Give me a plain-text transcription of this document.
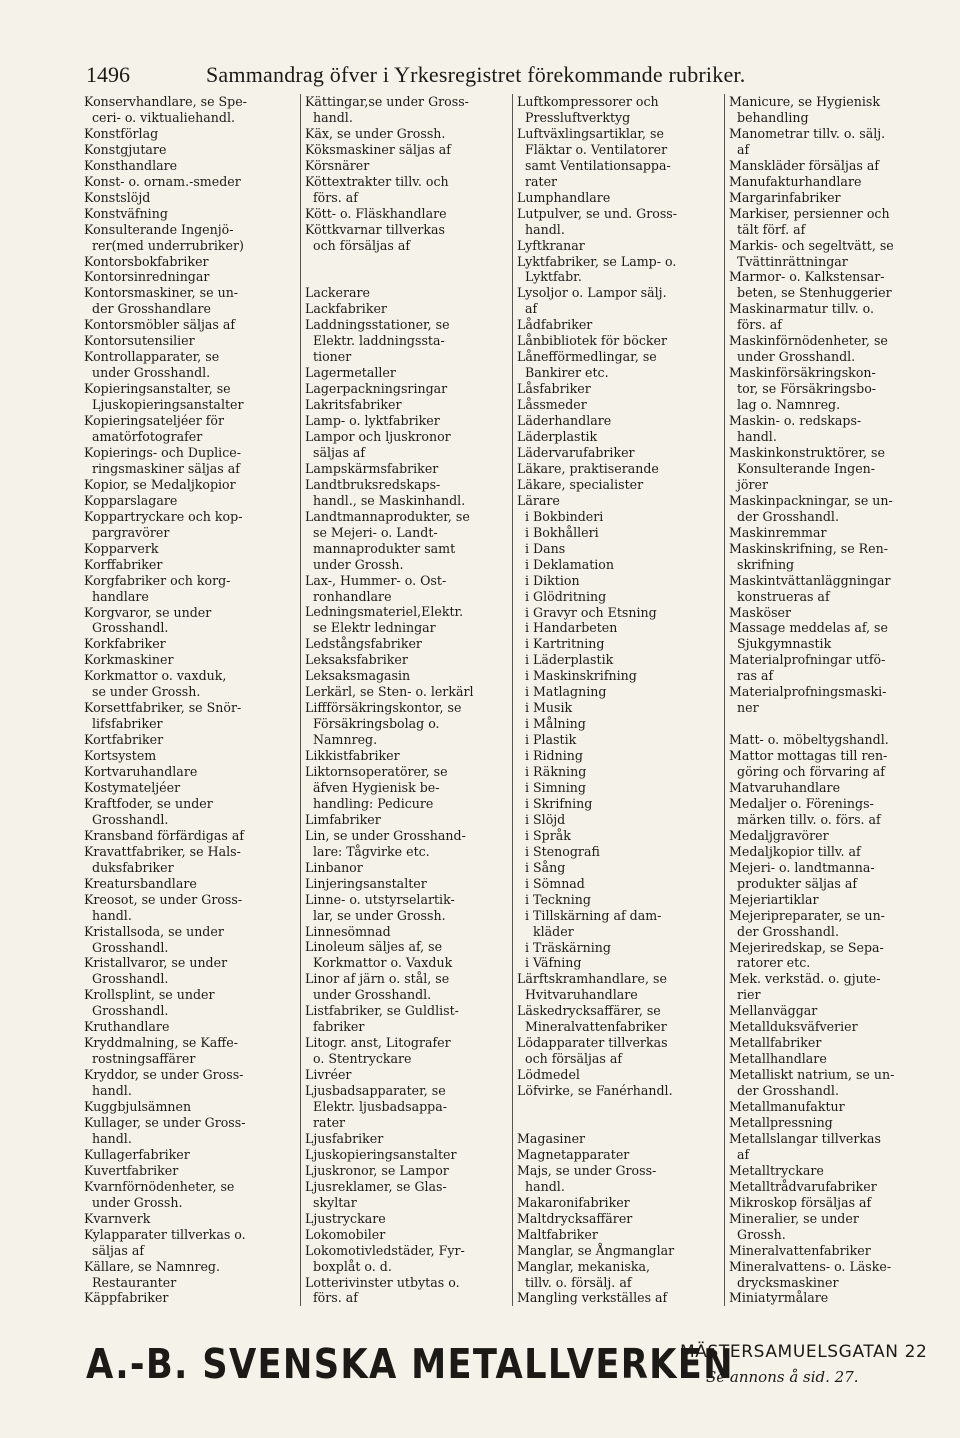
1496	Sammandrag öfver i Yrkesregistret förekommande rubriker.
Konservhandlare, se Spe-
ceri- o. viktualiehandl.
Konstförlag
Konstgjutare
Konsthandlare
Konst- o. ornam.-smeder
Konstslöjd
Konstväfning
Konsulterande Ingenjö-
rer(med underrubriker)
Kontorsbokfabriker
Kontorsinredningar
Kontorsmaskiner, se un-
der Grosshandlare
Kontorsmöbler säljas af
Kontorsutensilier
Kontrollapparater, se
under Grosshandl.
Kopieringsanstalter, se
Ljuskopieringsanstalter
Kopieringsateljéer för
amatörfotografer
Kopierings- och Duplice-
ringsmaskiner säljas af
Kopior, se Medaljkopior
Kopparslagare
Koppartryckare och kop-
pargravörer
Kopparverk
Korffabriker
Korgfabriker och korg-
handlare
Korgvaror, se under
Grosshandl.
Korkfabriker
Korkmaskiner
Korkmattor o. vaxduk,
se under Grossh.
Korsettfabriker, se Snör-
lifsfabriker
Kortfabriker
Kortsystem
Kortvaruhandlare
Kostymateljéer
Kraftfoder, se under
Grosshandl.
Kransband förfärdigas af
Kravattfabriker, se Hals-
duksfabriker
Kreatursbandlare
Kreosot, se under Gross-
handl.
Kristallsoda, se under
Grosshandl.
Kristallvaror, se under
Grosshandl.
Krollsplint, se under
Grosshandl.
Kruthandlare
Kryddmalning, se Kaffe-
rostningsaffärer
Kryddor, se under Gross-
handl.
Kuggbjulsämnen
Kullager, se under Gross-
handl.
Kullagerfabriker
Kuvertfabriker
Kvarnförnödenheter, se
under Grossh.
Kvarnverk
Kylapparater tillverkas o.
säljas af
Källare, se Namnreg.
Restauranter
Käppfabriker
Kättingar,se under Gross-
handl.
Käx, se under Grossh.
Köksmaskiner säljas af
Körsnärer
Köttextrakter tillv. och
förs. af
Kött- o. Fläskhandlare
Köttkvarnar tillverkas
och försäljas af
Lackerare
Lackfabriker
Laddningsstationer, se
Elektr. laddningssta-
tioner
Lagermetaller
Lagerpackningsringar
Lakritsfabriker
Lamp- o. lyktfabriker
Lampor och ljuskronor
säljas af
Lampskärmsfabriker
Landtbruksredskaps-
handl., se Maskinhandl.
Landtmannaprodukter, se
se Mejeri- o. Landt-
mannaprodukter samt
under Grossh.
Lax-, Hummer- o. Ost-
ronhandlare
Ledningsmateriel,Elektr.
se Elektr ledningar
Ledstångsfabriker
Leksaksfabriker
Leksaksmagasin
Lerkärl, se Sten- o. lerkärl
Liffförsäkringskontor, se
Försäkringsbolag o.
Namnreg.
Likkistfabriker
Liktornsoperatörer, se
äfven Hygienisk be-
handling: Pedicure
Limfabriker
Lin, se under Grosshand-
lare: Tågvirke etc.
Linbanor
Linjeringsanstalter
Linne- o. utstyrselartik-
lar, se under Grossh.
Linnesömnad
Linoleum säljes af, se
Korkmattor o. Vaxduk
Linor af järn o. stål, se
under Grosshandl.
Listfabriker, se Guldlist-
fabriker
Litogr. anst, Litografer
o. Stentryckare
Livréer
Ljusbadsapparater, se
Elektr. ljusbadsappa-
rater
Ljusfabriker
Ljuskopieringsanstalter
Ljuskronor, se Lampor
Ljusreklamer, se Glas-
skyltar
Ljustryckare
Lokomobiler
Lokomotivledstäder, Fyr-
boxplåt o. d.
Lotterivinster utbytas o.
förs. af
Luftkompressorer och
Pressluftverktyg
Luftväxlingsartiklar, se
Fläktar o. Ventilatorer
samt Ventilationsappa-
rater
Lumphandlare
Lutpulver, se und. Gross-
handl.
Lyftkranar
Lyktfabriker, se Lamp- o.
Lyktfabr.
Lysoljor o. Lampor sälj.
af
Lådfabriker
Lånbibliotek för böcker
Lånefförmedlingar, se
Bankirer etc.
Låsfabriker
Låssmeder
Läderhandlare
Läderplastik
Lädervarufabriker
Läkare, praktiserande
Läkare, specialister
Lärare
i Bokbinderi
i Bokhålleri
i Dans
i Deklamation
i Diktion
i Glödritning
i Gravyr och Etsning
i Handarbeten
i Kartritning
i Läderplastik
i Maskinskrifning
i Matlagning
i Musik
i Målning
i Plastik
i Ridning
i Räkning
i Simning
i Skrifning
i Slöjd
i Språk
i Stenografi
i Sång
i Sömnad
i Teckning
i Tillskärning af dam-
kläder
i Träskärning
i Väfning
Lärftskramhandlare, se
Hvitvaruhandlare
Läskedrycksaffärer, se
Mineralvattenfabriker
Lödapparater tillverkas
och försäljas af
Lödmedel
Löfvirke, se Fanérhandl.
Magasiner
Magnetapparater
Majs, se under Gross-
handl.
Makaronifabriker
Maltdrycksaffärer
Maltfabriker
Manglar, se Ångmanglar
Manglar, mekaniska,
tillv. o. försälj. af
Mangling verkställes af
Manicure, se Hygienisk
behandling
Manometrar tillv. o. sälj.
af
Manskläder försäljas af
Manufakturhandlare
Margarinfabriker
Markiser, persienner och
tält förf. af
Markis- och segeltvätt, se
Tvättinrättningar
Marmor- o. Kalkstensar-
beten, se Stenhuggerier
Maskinarmatur tillv. o.
förs. af
Maskinförnödenheter, se
under Grosshandl.
Maskinförsäkringskon-
tor, se Försäkringsbo-
lag o. Namnreg.
Maskin- o. redskaps-
handl.
Maskinkonstruktörer, se
Konsulterande Ingen-
jörer
Maskinpackningar, se un-
der Grosshandl.
Maskinremmar
Maskinskrifning, se Ren-
skrifning
Maskintvättanläggningar
konstrueras af
Masköser
Massage meddelas af, se
Sjukgymnastik
Materialprofningar utfö-
ras af
Materialprofningsmaski-
ner
Matt- o. möbeltygshandl.
Mattor mottagas till ren-
göring och förvaring af
Matvaruhandlare
Medaljer o. Förenings-
märken tillv. o. förs. af
Medaljgravörer
Medaljkopior tillv. af
Mejeri- o. landtmanna-
produkter säljas af
Mejeriartiklar
Mejeripreparater, se un-
der Grosshandl.
Mejeriredskap, se Sepa-
ratorer etc.
Mek. verkstäd. o. gjute-
rier
Mellanväggar
Metallduksväfverier
Metallfabriker
Metallhandlare
Metalliskt natrium, se un-
der Grosshandl.
Metallmanufaktur
Metallpressning
Metallslangar tillverkas
af
Metalltryckare
Metalltrådvarufabriker
Mikroskop försäljas af
Mineralier, se under
Grossh.
Mineralvattenfabriker
Mineralvattens- o. Läske-
drycksmaskiner
Miniatyrmålare
A.-B. SVENSKA METALLVERKEN
MÄSTERSAMUELSGATAN 22
Se annons å sid. 27.
